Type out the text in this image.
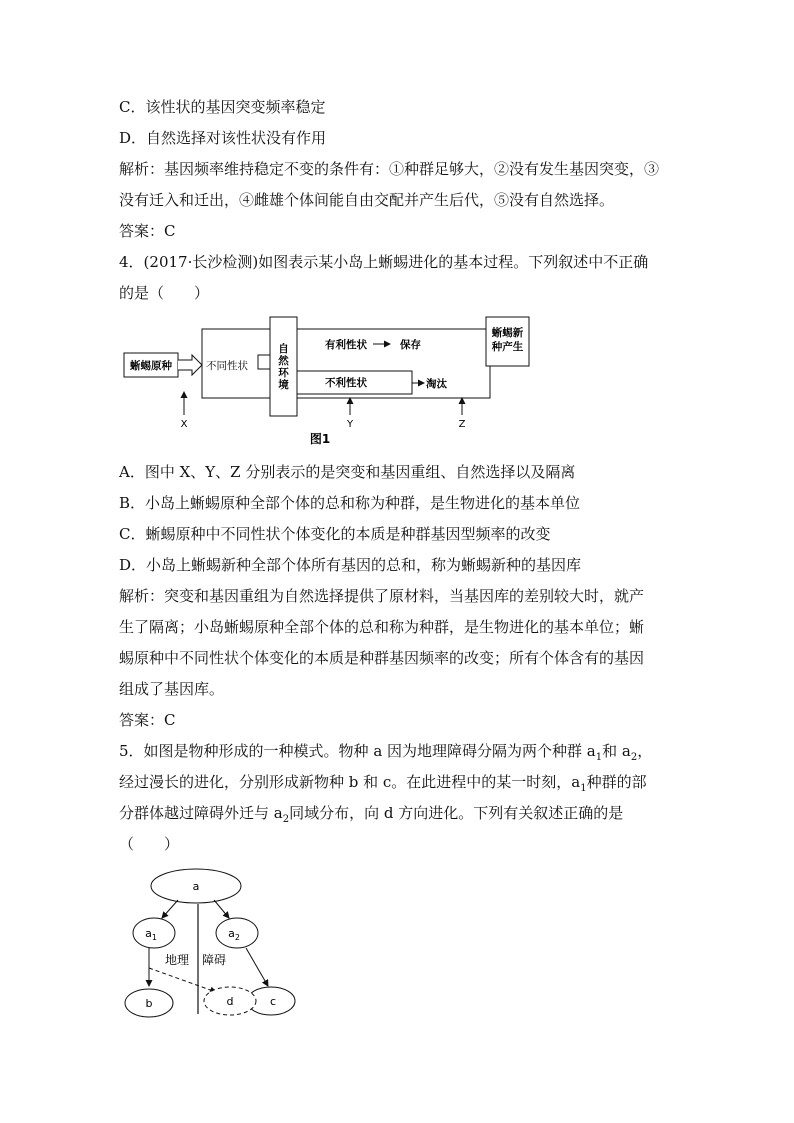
C．该性状的基因突变频率稳定
D．自然选择对该性状没有作用
解析：基因频率维持稳定不变的条件有：①种群足够大，②没有发生基因突变，③
没有迁入和迁出，④雌雄个体间能自由交配并产生后代，⑤没有自然选择。
答案：C
4．(2017·长沙检测)如图表示某小岛上蜥蜴进化的基本过程。下列叙述中不正确
的是（　　）
蜥蜴原种	不同性状
自
然
环
境
有利性状	保存
不利性状	淘汰
蜥蜴新
种产生
X	Y	Z
图1
A．图中 X、Y、Z 分别表示的是突变和基因重组、自然选择以及隔离
B．小岛上蜥蜴原种全部个体的总和称为种群，是生物进化的基本单位
C．蜥蜴原种中不同性状个体变化的本质是种群基因型频率的改变
D．小岛上蜥蜴新种全部个体所有基因的总和，称为蜥蜴新种的基因库
解析：突变和基因重组为自然选择提供了原材料，当基因库的差别较大时，就产
生了隔离；小岛蜥蜴原种全部个体的总和称为种群，是生物进化的基本单位；蜥
蜴原种中不同性状个体变化的本质是种群基因频率的改变；所有个体含有的基因
组成了基因库。
答案：C
5．如图是物种形成的一种模式。物种 a 因为地理障碍分隔为两个种群 $a_1$和 $a_2$，
经过漫长的进化，分别形成新物种 b 和 c。在此进程中的某一时刻，$a_1$种群的部
分群体越过障碍外迁与 $a_2$同域分布，向 d 方向进化。下列有关叙述正确的是
（　　）
a
$a_1$	$a_2$
地理 障碍
b	c
d
